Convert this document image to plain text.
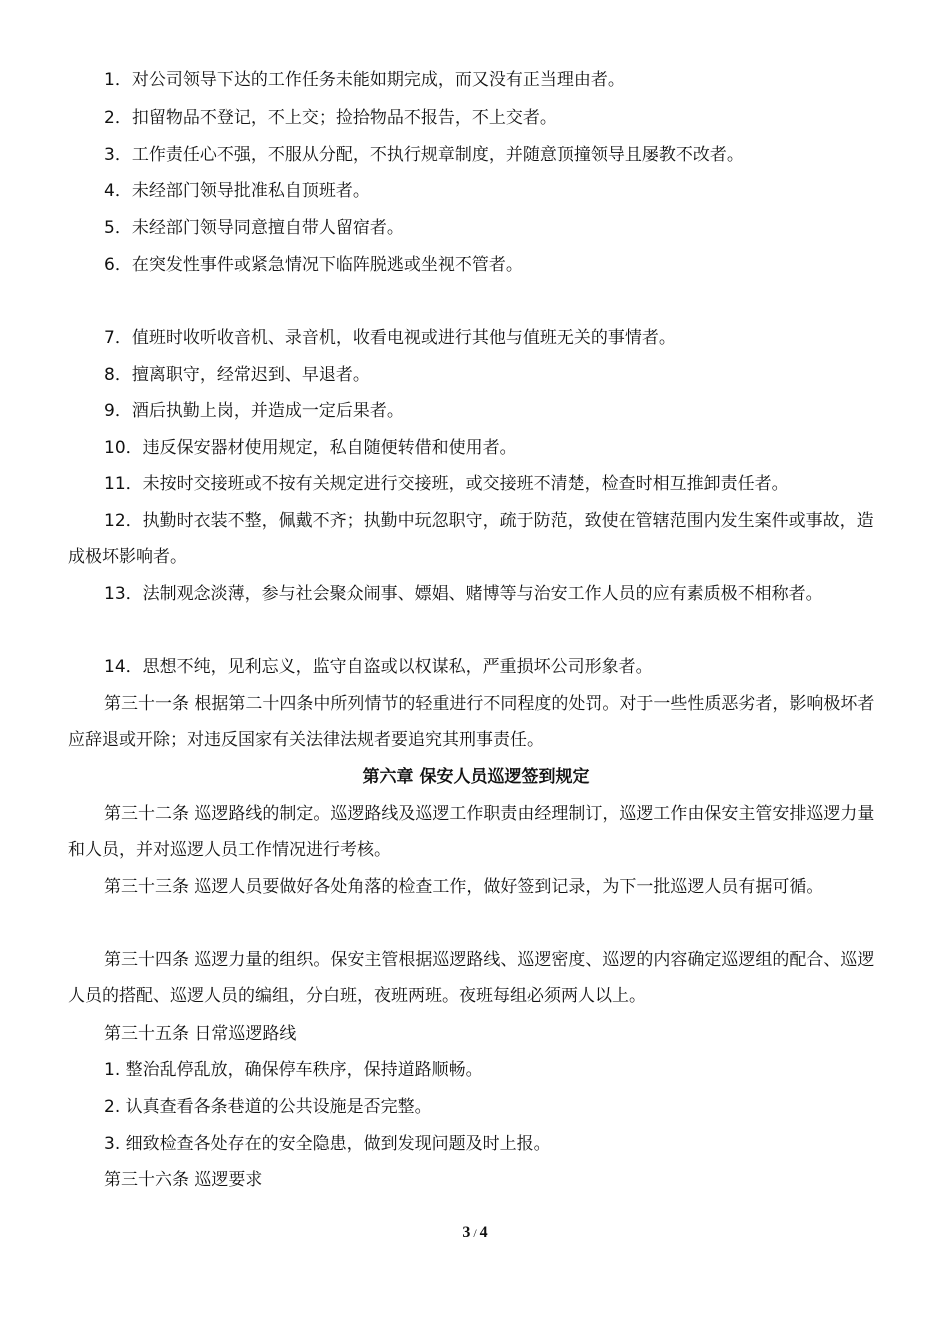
1．对公司领导下达的工作任务未能如期完成，而又没有正当理由者。

2．扣留物品不登记，不上交；捡拾物品不报告，不上交者。

3．工作责任心不强，不服从分配，不执行规章制度，并随意顶撞领导且屡教不改者。

4．未经部门领导批准私自顶班者。

5．未经部门领导同意擅自带人留宿者。

6．在突发性事件或紧急情况下临阵脱逃或坐视不管者。

7．值班时收听收音机、录音机，收看电视或进行其他与值班无关的事情者。

8．擅离职守，经常迟到、早退者。

9．酒后执勤上岗，并造成一定后果者。

10．违反保安器材使用规定，私自随便转借和使用者。

11．未按时交接班或不按有关规定进行交接班，或交接班不清楚，检查时相互推卸责任者。

12．执勤时衣装不整，佩戴不齐；执勤中玩忽职守，疏于防范，致使在管辖范围内发生案件或事故，造成极坏影响者。

13．法制观念淡薄，参与社会聚众闹事、嫖娼、赌博等与治安工作人员的应有素质极不相称者。

14．思想不纯，见利忘义，监守自盗或以权谋私，严重损坏公司形象者。

第三十一条 根据第二十四条中所列情节的轻重进行不同程度的处罚。对于一些性质恶劣者，影响极坏者应辞退或开除；对违反国家有关法律法规者要追究其刑事责任。

第六章 保安人员巡逻签到规定

第三十二条 巡逻路线的制定。巡逻路线及巡逻工作职责由经理制订，巡逻工作由保安主管安排巡逻力量和人员，并对巡逻人员工作情况进行考核。

第三十三条 巡逻人员要做好各处角落的检查工作，做好签到记录，为下一批巡逻人员有据可循。

第三十四条 巡逻力量的组织。保安主管根据巡逻路线、巡逻密度、巡逻的内容确定巡逻组的配合、巡逻人员的搭配、巡逻人员的编组，分白班，夜班两班。夜班每组必须两人以上。

第三十五条 日常巡逻路线

1. 整治乱停乱放，确保停车秩序，保持道路顺畅。

2. 认真查看各条巷道的公共设施是否完整。

3. 细致检查各处存在的安全隐患，做到发现问题及时上报。

第三十六条 巡逻要求

3 / 4
